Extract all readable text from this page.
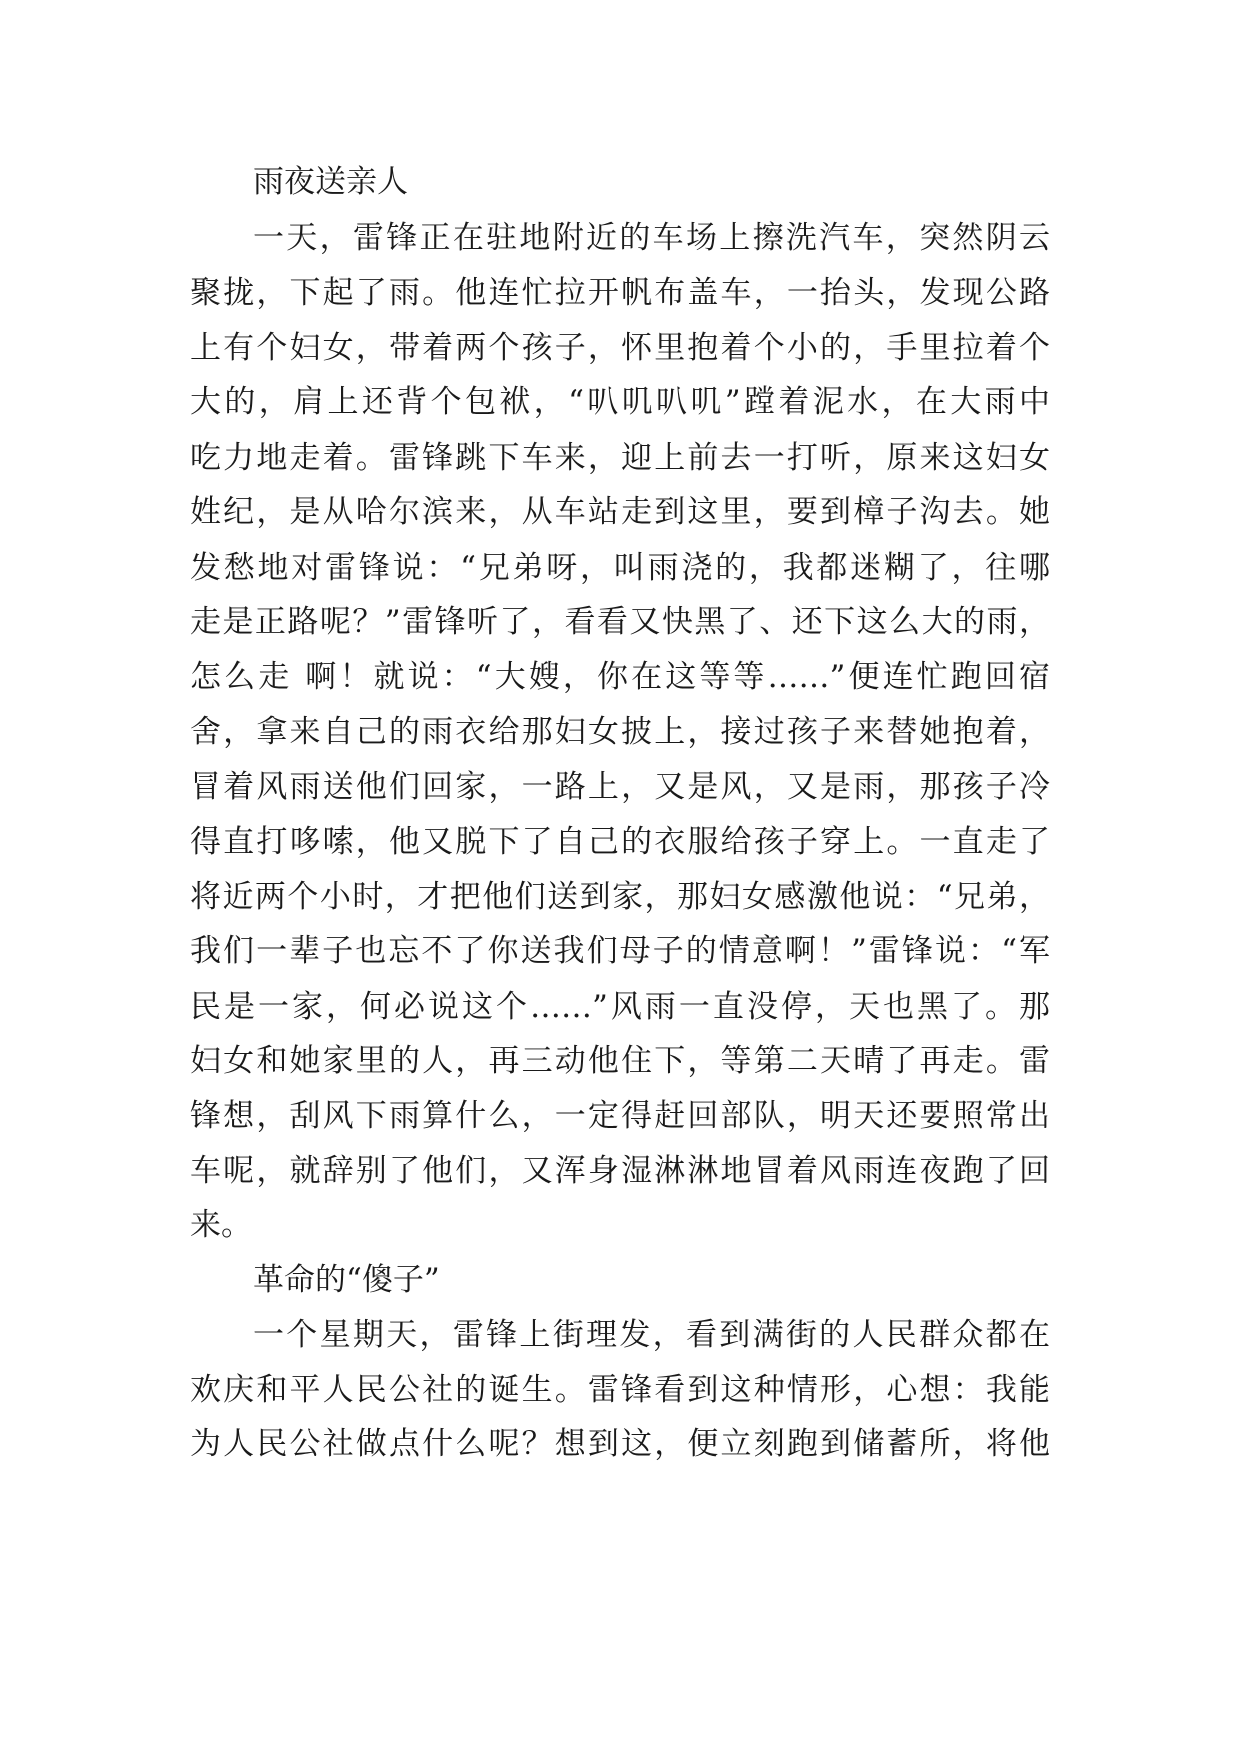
雨夜送亲人
一天，雷锋正在驻地附近的车场上擦洗汽车，突然阴云
聚拢，下起了雨。他连忙拉开帆布盖车，一抬头，发现公路
上有个妇女，带着两个孩子，怀里抱着个小的，手里拉着个
大的，肩上还背个包袱，“叭叽叭叽”蹚着泥水，在大雨中
吃力地走着。雷锋跳下车来，迎上前去一打听，原来这妇女
姓纪，是从哈尔滨来，从车站走到这里，要到樟子沟去。她
发愁地对雷锋说：“兄弟呀，叫雨浇的，我都迷糊了，往哪
走是正路呢？”雷锋听了，看看又快黑了、还下这么大的雨，
怎么走 啊！就说：“大嫂，你在这等等……”便连忙跑回宿
舍，拿来自己的雨衣给那妇女披上，接过孩子来替她抱着，
冒着风雨送他们回家，一路上，又是风，又是雨，那孩子冷
得直打哆嗦，他又脱下了自己的衣服给孩子穿上。一直走了
将近两个小时，才把他们送到家，那妇女感激他说：“兄弟，
我们一辈子也忘不了你送我们母子的情意啊！”雷锋说：“军
民是一家，何必说这个……”风雨一直没停，天也黑了。那
妇女和她家里的人，再三动他住下，等第二天晴了再走。雷
锋想，刮风下雨算什么，一定得赶回部队，明天还要照常出
车呢，就辞别了他们，又浑身湿淋淋地冒着风雨连夜跑了回
来。
革命的“傻子”
一个星期天，雷锋上街理发，看到满街的人民群众都在
欢庆和平人民公社的诞生。雷锋看到这种情形，心想：我能
为人民公社做点什么呢？想到这，便立刻跑到储蓄所，将他
